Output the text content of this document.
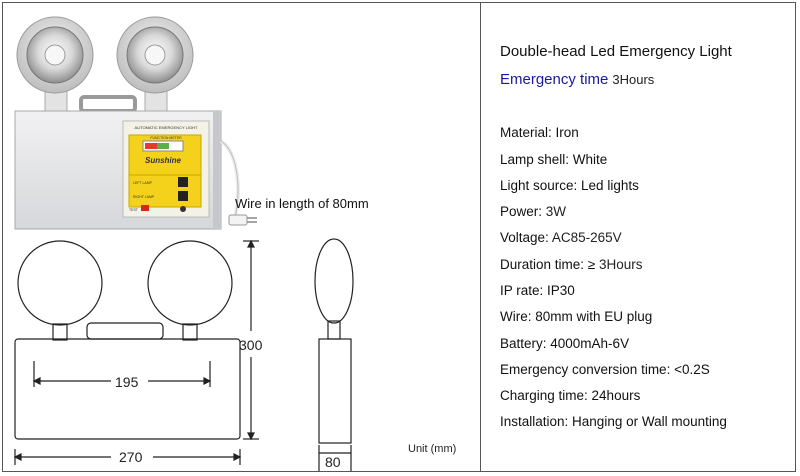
AUTOMATIC EMERGENCY LIGHT
FUNCTION METER
Sunshine
LEFT LAMP
RIGHT LAMP
TEST	Wire in length of 80mm
195
270
300
80
Unit (mm)
Double-head Led Emergency Light
Emergency time 3Hours
Material: Iron
Lamp shell: White
Light source: Led lights
Power: 3W
Voltage: AC85-265V
Duration time: ≥ 3Hours
IP rate: IP30
Wire: 80mm with EU plug
Battery: 4000mAh-6V
Emergency conversion time: <0.2S
Charging time: 24hours
Installation: Hanging or Wall mounting
